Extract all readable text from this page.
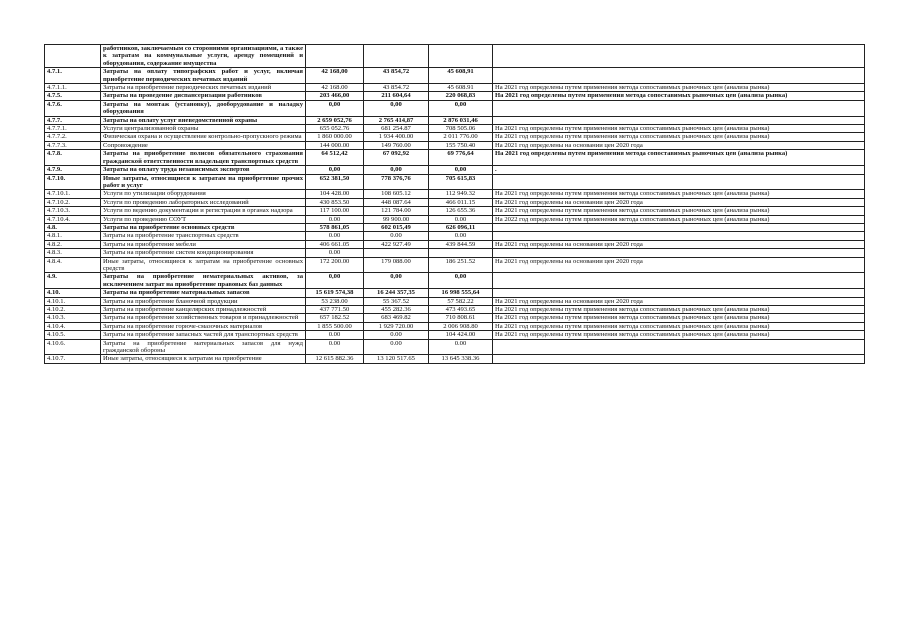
	работников, заключаемым со сторонними организациями, а также к затратам на коммунальные услуги, аренду помещений и оборудования, содержание имущества				
4.7.1.	Затраты на оплату типографских работ и услуг, включая приобретение периодических печатных изданий	42 168,00	43 854,72	45 608,91	
4.7.1.1.	Затраты на приобретение периодических печатных изданий	42 168.00	43 854.72	45 608.91	На 2021 год определены путем применения метода сопоставимых рыночных цен (анализа рынка)
4.7.5.	Затраты на проведение диспансеризации работников	203 466,00	211 604,64	220 068,83	На 2021 год определены путем применения метода сопоставимых рыночных цен (анализа рынка)
4.7.6.	Затраты на монтаж (установку), дооборудование и наладку оборудования	0,00	0,00	0,00	
4.7.7.	Затраты на оплату услуг вневедомственной охраны	2 659 052,76	2 765 414,87	2 876 031,46	
4.7.7.1.	Услуги централизованной охраны	655 052.76	681 254.87	708 505.06	На 2021 год определены путем применения метода сопоставимых рыночных цен (анализа рынка)
4.7.7.2.	Физическая охрана и осуществление контрольно-пропускного режима	1 860 000.00	1 934 400.00	2 011 776.00	На 2021 год определены путем применения метода сопоставимых рыночных цен (анализа рынка)
4.7.7.3.	Сопровождение	144 000.00	149 760.00	155 750.40	На 2021 год определены на основании цен 2020 года
4.7.8.	Затраты на приобретение полисов обязательного страхования гражданской ответственности владельцев транспортных средств	64 512,42	67 092,92	69 776,64	На 2021 год определены путем применения метода сопоставимых рыночных цен (анализа рынка)
4.7.9.	Затраты на оплату труда независимых экспертов	0,00	0,00	0,00	.
4.7.10.	Иные затраты, относящиеся к затратам на приобретение прочих работ и услуг	652 381,50	778 376,76	705 615,83	
4.7.10.1.	Услуги по утилизации оборудования	104 428.00	108 605.12	112 949.32	На 2021 год определены путем применения метода сопоставимых рыночных цен (анализа рынка)
4.7.10.2.	Услуги по проведению лабораторных исследований	430 853.50	448 087.64	466 011.15	На 2021 год определены на основании цен 2020 года
4.7.10.3.	Услуги по ведению документации и регистрации в органах надзора	117 100.00	121 784.00	126 655.36	На 2021 год определены путем применения метода сопоставимых рыночных цен (анализа рынка)
4.7.10.4.	Услуги по проведению СОУТ	0.00	99 900.00	0.00	На 2022 год определены путем применения метода сопоставимых рыночных цен (анализа рынка)
4.8.	Затраты на приобретение основных средств	578 861,05	602 015,49	626 096,11	
4.8.1.	Затраты на приобретение транспортных средств	0.00	0.00	0.00	
4.8.2.	Затраты на приобретение мебели	406 661.05	422 927.49	439 844.59	На 2021 год определены на основании цен 2020 года
4.8.3.	Затраты на приобретение систем кондиционирования	0.00			
4.8.4.	Иные затраты, относящиеся к затратам на приобретение основных средств	172 200.00	179 088.00	186 251.52	На 2021 год определены на основании цен 2020 года
4.9.	Затраты на приобретение нематериальных активов, за исключением затрат на приобретение правовых баз данных	0,00	0,00	0,00	
4.10.	Затраты на приобретение материальных запасов	15 619 574,38	16 244 357,35	16 998 555,64	
4.10.1.	Затраты на приобретение бланочной продукции	53 238.00	55 367.52	57 582.22	На 2021 год определены на основании цен 2020 года
4.10.2.	Затраты на приобретение канцелярских принадлежностей	437 771.50	455 282.36	473 493.65	На 2021 год определены путем применения метода сопоставимых рыночных цен (анализа рынка)
4.10.3.	Затраты на приобретение хозяйственных товаров и принадлежностей	657 182.52	683 469.82	710 808.61	На 2021 год определены путем применения метода сопоставимых рыночных цен (анализа рынка)
4.10.4.	Затраты на приобретение горюче-смазочных материалов	1 855 500.00	1 929 720.00	2 006 908.80	На 2021 год определены путем применения метода сопоставимых рыночных цен (анализа рынка)
4.10.5.	Затраты на приобретение запасных частей для транспортных средств	0.00	0.00	104 424.00	На 2021 год определены путем применения метода сопоставимых рыночных цен (анализа рынка)
4.10.6.	Затраты на приобретение материальных запасов для нужд гражданской обороны	0.00	0.00	0.00	
4.10.7.	Иные затраты, относящиеся к затратам на приобретение	12 615 882.36	13 120 517.65	13 645 338.36	
